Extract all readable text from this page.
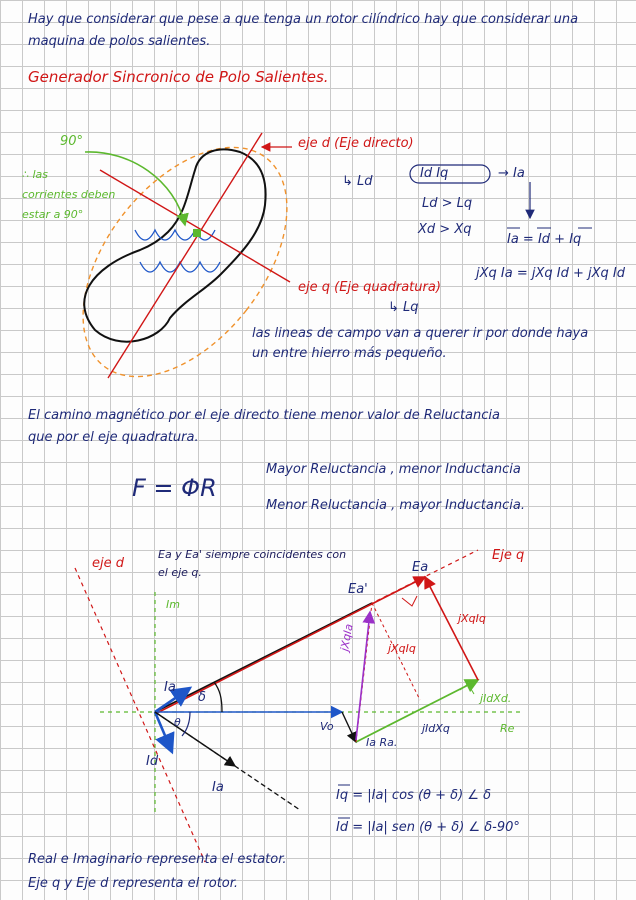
Hay que considerar que pese a que tenga un rotor cilíndrico hay que considerar una
maquina de polos salientes.
Generador Sincronico de Polo Salientes.
90°
∴ las
corrientes deben
estar a 90°
eje d (Eje directo)
↳ Ld
eje q (Eje quadratura)
↳ Lq
las lineas de campo van a querer ir por donde haya
un entre hierro más pequeño.
Id Iq	→ Ia
Ld > Lq
Xd > Xq
Ia = Id + Iq
jXq Ia = jXq Id + jXq Id
El camino magnético por el eje directo tiene menor valor de Reluctancia
que por el eje quadratura.
F = ΦR
Mayor Reluctancia , menor Inductancia
Menor Reluctancia , mayor Inductancia.
Ea y Ea' siempre coincidentes con
el eje q.
eje d
Eje q
Im
Re
Ea
Ea'
jXqIq
jXqIq
jXqIa
jIdXd.
jIdXq
Ia
δ
θ	Vo
Ia Ra.
Id
Ia
Iq = |Ia| cos (θ + δ) ∠ δ
Id = |Ia| sen (θ + δ) ∠ δ-90°
Real e Imaginario representa el estator.
Eje q y Eje d representa el rotor.
